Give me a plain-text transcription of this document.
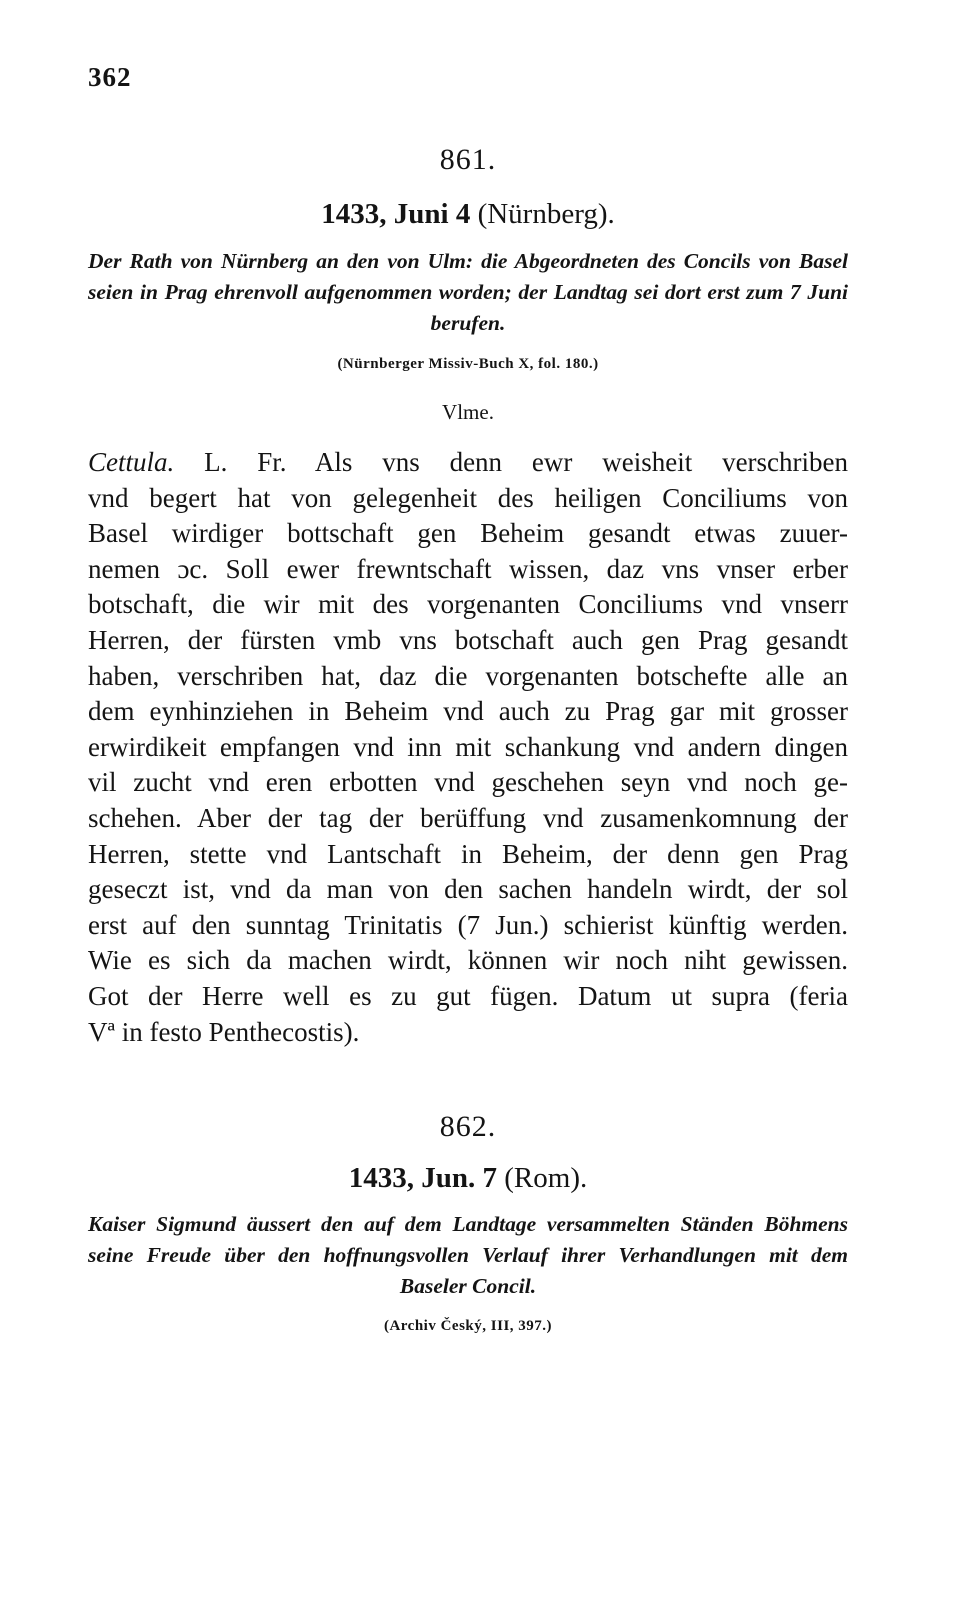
362
861.
1433, Juni 4 (Nürnberg).
Der Rath von Nürnberg an den von Ulm: die Abgeordneten des Concils von Basel seien in Prag ehrenvoll aufgenommen worden; der Landtag sei dort erst zum 7 Juni berufen.
(Nürnberger Missiv-Buch X, fol. 180.)
Vlme.
Cettula. L. Fr. Als vns denn ewr weisheit verschriben
vnd begert hat von gelegenheit des heiligen Conciliums von
Basel wirdiger bottschaft gen Beheim gesandt etwas zuuer-
nemen ɔc. Soll ewer frewntschaft wissen, daz vns vnser erber
botschaft, die wir mit des vorgenanten Conciliums vnd vnserr
Herren, der fürsten vmb vns botschaft auch gen Prag gesandt
haben, verschriben hat, daz die vorgenanten botschefte alle an
dem eynhinziehen in Beheim vnd auch zu Prag gar mit grosser
erwirdikeit empfangen vnd inn mit schankung vnd andern dingen
vil zucht vnd eren erbotten vnd geschehen seyn vnd noch ge-
schehen. Aber der tag der berüffung vnd zusamenkomnung der
Herren, stette vnd Lantschaft in Beheim, der denn gen Prag
geseczt ist, vnd da man von den sachen handeln wirdt, der sol
erst auf den sunntag Trinitatis (7 Jun.) schierist künftig werden.
Wie es sich da machen wirdt, können wir noch niht gewissen.
Got der Herre well es zu gut fügen. Datum ut supra (feria
Vª in festo Penthecostis).
862.
1433, Jun. 7 (Rom).
Kaiser Sigmund äussert den auf dem Landtage versammelten Ständen Böhmens seine Freude über den hoffnungsvollen Verlauf ihrer Verhandlungen mit dem Baseler Concil.
(Archiv Český, III, 397.)
